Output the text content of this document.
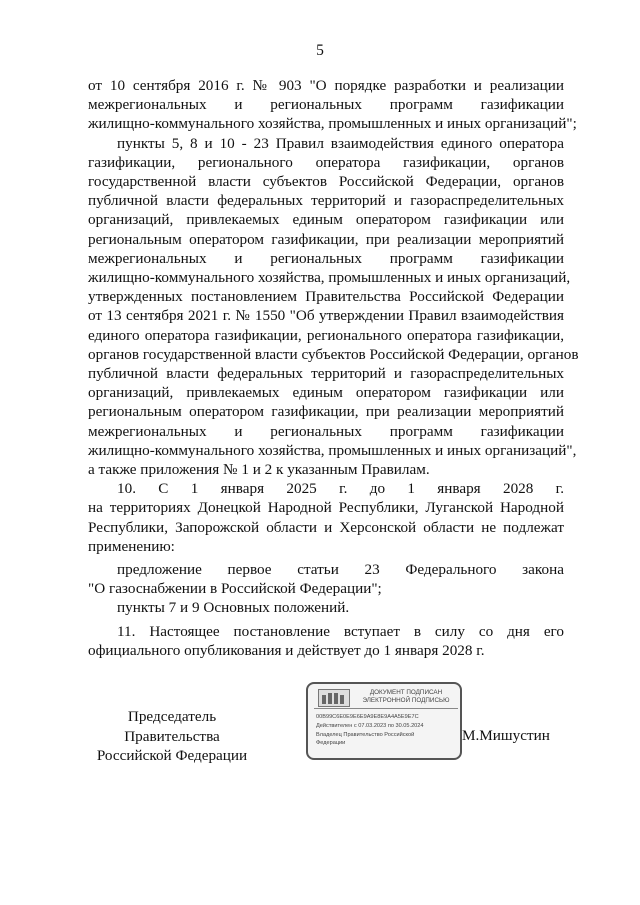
5
от 10 сентября 2016 г. № 903 "О порядке разработки и реализации
межрегиональных и региональных программ газификации
жилищно-коммунального хозяйства, промышленных и иных организаций";
пункты 5, 8 и 10 - 23 Правил взаимодействия единого оператора
газификации, регионального оператора газификации, органов
государственной власти субъектов Российской Федерации, органов
публичной власти федеральных территорий и газораспределительных
организаций, привлекаемых единым оператором газификации или
региональным оператором газификации, при реализации мероприятий
межрегиональных и региональных программ газификации
жилищно-коммунального хозяйства, промышленных и иных организаций,
утвержденных постановлением Правительства Российской Федерации
от 13 сентября 2021 г. № 1550 "Об утверждении Правил взаимодействия
единого оператора газификации, регионального оператора газификации,
органов государственной власти субъектов Российской Федерации, органов
публичной власти федеральных территорий и газораспределительных
организаций, привлекаемых единым оператором газификации или
региональным оператором газификации, при реализации мероприятий
межрегиональных и региональных программ газификации
жилищно-коммунального хозяйства, промышленных и иных организаций",
а также приложения № 1 и 2 к указанным Правилам.
10. С 1 января 2025 г. до 1 января 2028 г.
на территориях Донецкой Народной Республики, Луганской Народной
Республики, Запорожской области и Херсонской области не подлежат
применению:
предложение первое статьи 23 Федерального закона
"О газоснабжении в Российской Федерации";
пункты 7 и 9 Основных положений.
11. Настоящее постановление вступает в силу со дня его
официального опубликования и действует до 1 января 2028 г.
Председатель Правительства
Российской Федерации
ДОКУМЕНТ ПОДПИСАН
ЭЛЕКТРОННОЙ ПОДПИСЬЮ
00B99C6E0E9E6E9A9E8E9A4A5E9E7C
Действителен с 07.03.2023 по 30.05.2024
Владелец Правительство Российской
Федерации	М.Мишустин
